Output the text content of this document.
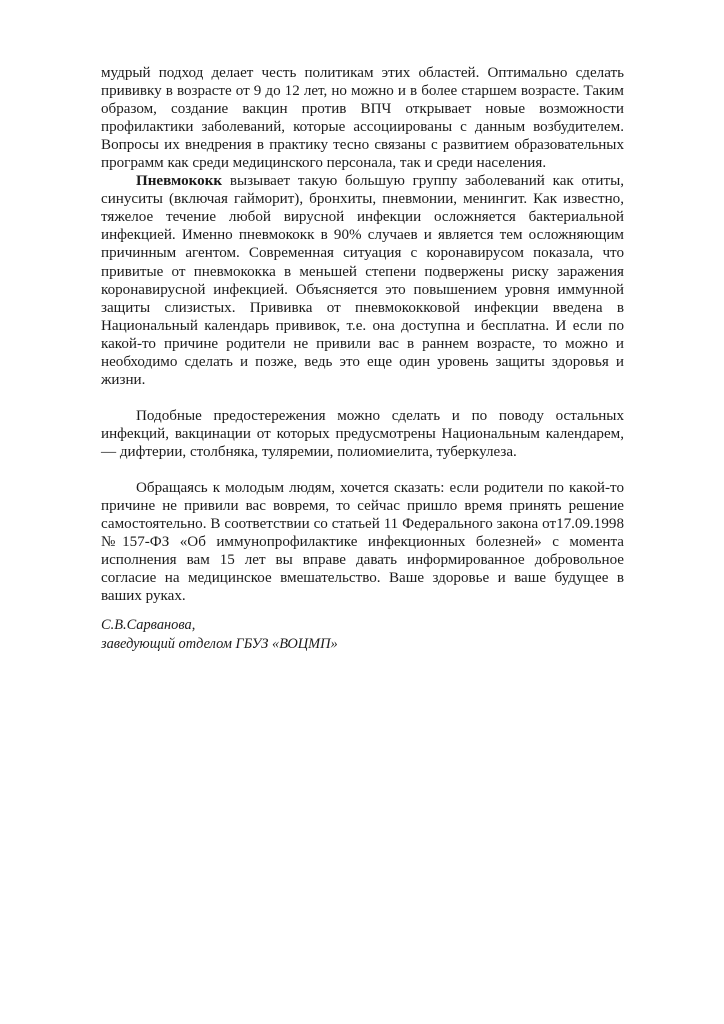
мудрый подход делает честь политикам этих областей. Оптимально сделать прививку в возрасте от 9 до 12 лет, но можно и в более старшем возрасте. Таким образом, создание вакцин против ВПЧ открывает новые возможности профилактики заболеваний, которые ассоциированы с данным возбудителем. Вопросы их внедрения в практику тесно связаны с развитием образовательных программ как среди медицинского персонала, так и среди населения.

Пневмококк вызывает такую большую группу заболеваний как отиты, синуситы (включая гайморит), бронхиты, пневмонии, менингит. Как известно, тяжелое течение любой вирусной инфекции осложняется бактериальной инфекцией. Именно пневмококк в 90% случаев и является тем осложняющим причинным агентом. Современная ситуация с коронавирусом показала, что привитые от пневмококка в меньшей степени подвержены риску заражения коронавирусной инфекцией. Объясняется это повышением уровня иммунной защиты слизистых. Прививка от пневмококковой инфекции введена в Национальный календарь прививок, т.е. она доступна и бесплатна. И если по какой-то причине родители не привили вас в раннем возрасте, то можно и необходимо сделать и позже, ведь это еще один уровень защиты здоровья и жизни.

Подобные предостережения можно сделать и по поводу остальных инфекций, вакцинации от которых предусмотрены Национальным календарем, — дифтерии, столбняка, туляремии, полиомиелита, туберкулеза.

Обращаясь к молодым людям, хочется сказать: если родители по какой-то причине не привили вас вовремя, то сейчас пришло время принять решение самостоятельно. В соответствии со статьей 11 Федерального закона от17.09.1998 №157-ФЗ «Об иммунопрофилактике инфекционных болезней» с момента исполнения вам 15 лет вы вправе давать информированное добровольное согласие на медицинское вмешательство. Ваше здоровье и ваше будущее в ваших руках.

С.В.Сарванова,

заведующий отделом ГБУЗ «ВОЦМП»
